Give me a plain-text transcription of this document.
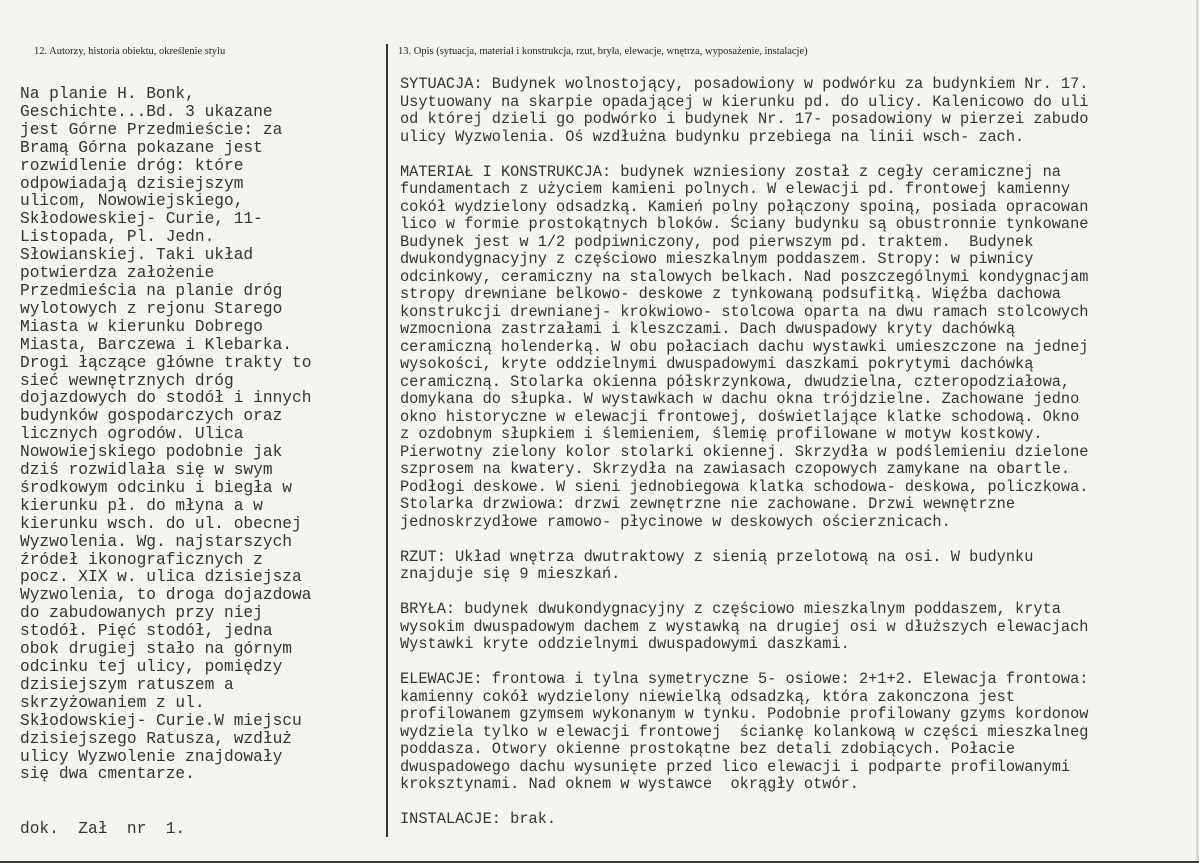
12. Autorzy, historia obiektu, określenie stylu	13. Opis (sytuacja, materiał i konstrukcja, rzut, bryła, elewacje, wnętrza, wyposażenie, instalacje)
Na planie H. Bonk,
Geschichte...Bd. 3 ukazane
jest Górne Przedmieście: za
Bramą Górna pokazane jest
rozwidlenie dróg: które
odpowiadają dzisiejszym
ulicom, Nowowiejskiego,
Skłodoweskiej- Curie, 11-
Listopada, Pl. Jedn.
Słowianskiej. Taki układ
potwierdza założenie
Przedmieścia na planie dróg
wylotowych z rejonu Starego
Miasta w kierunku Dobrego
Miasta, Barczewa i Klebarka.
Drogi łączące główne trakty to
sieć wewnętrznych dróg
dojazdowych do stodół i innych
budynków gospodarczych oraz
licznych ogrodów. Ulica
Nowowiejskiego podobnie jak
dziś rozwidlała się w swym
środkowym odcinku i biegła w
kierunku pł. do młyna a w
kierunku wsch. do ul. obecnej
Wyzwolenia. Wg. najstarszych
źródeł ikonograficznych z
pocz. XIX w. ulica dzisiejsza
Wyzwolenia, to droga dojazdowa
do zabudowanych przy niej
stodół. Pięć stodół, jedna
obok drugiej stało na górnym
odcinku tej ulicy, pomiędzy
dzisiejszym ratuszem a
skrzyżowaniem z ul.
Skłodowskiej- Curie.W miejscu
dzisiejszego Ratusza, wzdłuż
ulicy Wyzwolenie znajdowały
się dwa cmentarze.
dok.  Zał  nr  1.
SYTUACJA: Budynek wolnostojący, posadowiony w podwórku za budynkiem Nr. 17.
Usytuowany na skarpie opadającej w kierunku pd. do ulicy. Kalenicowo do uli
od której dzieli go podwórko i budynek Nr. 17- posadowiony w pierzei zabudo
ulicy Wyzwolenia. Oś wzdłużna budynku przebiega na linii wsch- zach.
MATERIAŁ I KONSTRUKCJA: budynek wzniesiony został z cegły ceramicznej na
fundamentach z użyciem kamieni polnych. W elewacji pd. frontowej kamienny
cokół wydzielony odsadzką. Kamień polny połączony spoiną, posiada opracowan
lico w formie prostokątnych bloków. Ściany budynku są obustronnie tynkowane
Budynek jest w 1/2 podpiwniczony, pod pierwszym pd. traktem.  Budynek
dwukondygnacyjny z częściowo mieszkalnym poddaszem. Stropy: w piwnicy
odcinkowy, ceramiczny na stalowych belkach. Nad poszczególnymi kondygnacjam
stropy drewniane belkowo- deskowe z tynkowaną podsufitką. Więźba dachowa
konstrukcji drewnianej- krokwiowo- stolcowa oparta na dwu ramach stolcowych
wzmocniona zastrzałami i kleszczami. Dach dwuspadowy kryty dachówką
ceramiczną holenderką. W obu połaciach dachu wystawki umieszczone na jednej
wysokości, kryte oddzielnymi dwuspadowymi daszkami pokrytymi dachówką
ceramiczną. Stolarka okienna półskrzynkowa, dwudzielna, czteropodziałowa,
domykana do słupka. W wystawkach w dachu okna trójdzielne. Zachowane jedno
okno historyczne w elewacji frontowej, doświetlające klatke schodową. Okno
z ozdobnym słupkiem i ślemieniem, ślemię profilowane w motyw kostkowy.
Pierwotny zielony kolor stolarki okiennej. Skrzydła w podślemieniu dzielone
szprosem na kwatery. Skrzydła na zawiasach czopowych zamykane na obartle.
Podłogi deskowe. W sieni jednobiegowa klatka schodowa- deskowa, policzkowa.
Stolarka drzwiowa: drzwi zewnętrzne nie zachowane. Drzwi wewnętrzne
jednoskrzydłowe ramowo- płycinowe w deskowych ościerznicach.
RZUT: Układ wnętrza dwutraktowy z sienią przelotową na osi. W budynku
znajduje się 9 mieszkań.
BRYŁA: budynek dwukondygnacyjny z częściowo mieszkalnym poddaszem, kryta
wysokim dwuspadowym dachem z wystawką na drugiej osi w dłuższych elewacjach
Wystawki kryte oddzielnymi dwuspadowymi daszkami.
ELEWACJE: frontowa i tylna symetryczne 5- osiowe: 2+1+2. Elewacja frontowa:
kamienny cokół wydzielony niewielką odsadzką, która zakonczona jest
profilowanem gzymsem wykonanym w tynku. Podobnie profilowany gzyms kordonow
wydziela tylko w elewacji frontowej  ściankę kolankową w części mieszkalneg
poddasza. Otwory okienne prostokątne bez detali zdobiących. Połacie
dwuspadowego dachu wysunięte przed lico elewacji i podparte profilowanymi
kroksztynami. Nad oknem w wystawce  okrągły otwór.
INSTALACJE: brak.
